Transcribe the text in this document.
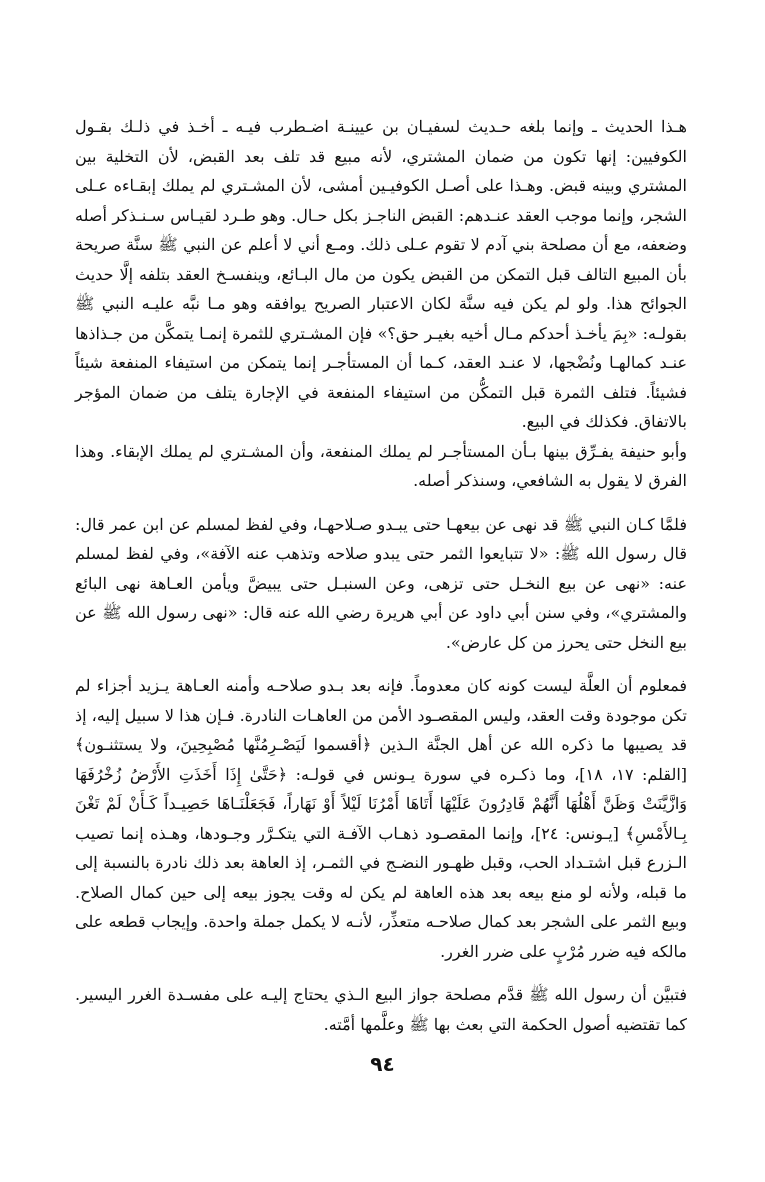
هـذا الحديث ـ وإنما بلغه حـديث لسفيـان بن عيينـة اضـطرب فيـه ـ أخـذ في ذلـك بقـول الكوفيين: إنها تكون من ضمان المشتري، لأنه مبيع قد تلف بعد القبض، لأن التخلية بين المشتري وبينه قبض. وهـذا على أصـل الكوفيـين أمشى، لأن المشـتري لم يملك إبقـاءه عـلى الشجر، وإنما موجب العقد عنـدهم: القبض الناجـز بكل حـال. وهو طـرد لقيـاس سـنـذكر أصله وضعفه، مع أن مصلحة بني آدم لا تقوم عـلى ذلك. ومـع أني لا أعلم عن النبي ﷺ سنَّة صريحة بأن المبيع التالف قبل التمكن من القبض يكون من مال البـائع، وينفسـخ العقد بتلفه إلَّا حديث الجوائح هذا. ولو لم يكن فيه سنَّة لكان الاعتبار الصريح يوافقه وهو مـا نبَّه عليـه النبي ﷺ بقولـه: «بِمَ يأخـذ أحدكم مـال أخيه بغيـر حق؟» فإن المشـتري للثمرة إنمـا يتمكَّن من جـذاذها عنـد كمالهـا ونُضْجها، لا عنـد العقد، كـما أن المستأجـر إنما يتمكن من استيفاء المنفعة شيئاً فشيئاً. فتلف الثمرة قبل التمكُّن من استيفاء المنفعة في الإجارة يتلف من ضمان المؤجر بالاتفاق. فكذلك في البيع.

وأبو حنيفة يفـرِّق بينها بـأن المستأجـر لم يملك المنفعة، وأن المشـتري لم يملك الإبقاء. وهذا الفرق لا يقول به الشافعي، وسنذكر أصله.

فلمَّا كـان النبي ﷺ قد نهى عن بيعهـا حتى يبـدو صـلاحهـا، وفي لفظ لمسلم عن ابن عمر قال: قال رسول الله ﷺ: «لا تتبايعوا الثمر حتى يبدو صلاحه وتذهب عنه الآفة»، وفي لفظ لمسلم عنه: «نهى عن بيع النخـل حتى تزهى، وعن السنبـل حتى يبيضَّ ويأمن العـاهة نهى البائع والمشتري»، وفي سنن أبي داود عن أبي هريرة رضي الله عنه قال: «نهى رسول الله ﷺ عن بيع النخل حتى يحرز من كل عارض».

فمعلوم أن العلَّة ليست كونه كان معدوماً. فإنه بعد بـدو صلاحـه وأمنه العـاهة يـزيد أجزاء لم تكن موجودة وقت العقد، وليس المقصـود الأمن من العاهـات النادرة. فـإن هذا لا سبيل إليه، إذ قد يصيبها ما ذكره الله عن أهل الجنَّة الـذين ﴿أقسموا لَيَصْـرِمُنَّها مُصْبِحِينَ، ولا يستثنـون﴾ [القلم: ١٧، ١٨]، وما ذكـره في سورة يـونس في قولـه: ﴿حَتَّىٰ إِذَا أَخَذَتِ الأَرْضُ زُخْرُفَهَا وَازَّيَّنَتْ وَظَنَّ أَهْلُهَا أَنَّهُمْ قَادِرُونَ عَلَيْهَا أَتَاهَا أَمْرُنَا لَيْلاً أَوْ نَهَاراً، فَجَعَلْنَـاهَا حَصِيـداً كَـأَنْ لَمْ تَغْنَ بِـالأَمْسِ﴾ [يـونس: ٢٤]، وإنما المقصـود ذهـاب الآفـة التي يتكـرَّر وجـودها، وهـذه إنما تصيب الـزرع قبل اشتـداد الحب، وقبل ظهـور النضـج في الثمـر، إذ العاهة بعد ذلك نادرة بالنسبة إلى ما قبله، ولأنه لو منع بيعه بعد هذه العاهة لم يكن له وقت يجوز بيعه إلى حين كمال الصلاح. وبيع الثمر على الشجر بعد كمال صلاحـه متعذِّر، لأنـه لا يكمل جملة واحدة. وإيجاب قطعه على مالكه فيه ضرر مُرْبٍ على ضرر الغرر.

فتبيَّن أن رسول الله ﷺ قدَّم مصلحة جواز البيع الـذي يحتاج إليـه على مفسـدة الغرر اليسير. كما تقتضيه أصول الحكمة التي بعث بها ﷺ وعلَّمها أمَّته.

٩٤
